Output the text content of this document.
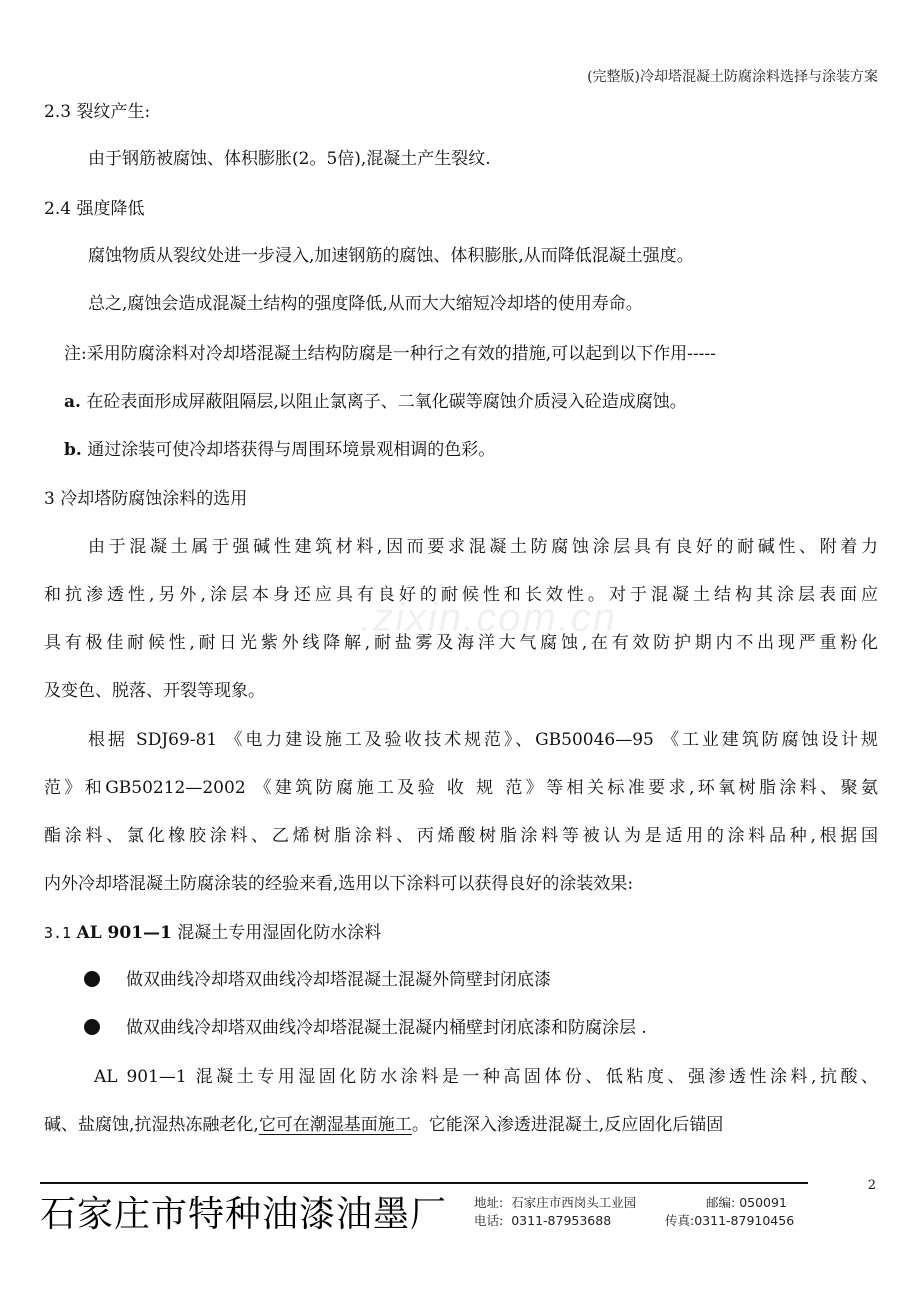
(完整版)冷却塔混凝土防腐涂料选择与涂装方案
2.3 裂纹产生:
由于钢筋被腐蚀、体积膨胀(2。5倍),混凝土产生裂纹.
2.4 强度降低
腐蚀物质从裂纹处进一步浸入,加速钢筋的腐蚀、体积膨胀,从而降低混凝土强度。
总之,腐蚀会造成混凝土结构的强度降低,从而大大缩短冷却塔的使用寿命。
注:采用防腐涂料对冷却塔混凝土结构防腐是一种行之有效的措施,可以起到以下作用-----
a. 在砼表面形成屏蔽阻隔层,以阻止氯离子、二氧化碳等腐蚀介质浸入砼造成腐蚀。
b. 通过涂装可使冷却塔获得与周围环境景观相调的色彩。
3 冷却塔防腐蚀涂料的选用
由于混凝土属于强碱性建筑材料,因而要求混凝土防腐蚀涂层具有良好的耐碱性、附着力
和抗渗透性,另外,涂层本身还应具有良好的耐候性和长效性。对于混凝土结构其涂层表面应
具有极佳耐候性,耐日光紫外线降解,耐盐雾及海洋大气腐蚀,在有效防护期内不出现严重粉化
及变色、脱落、开裂等现象。
根据 SDJ69-81 《电力建设施工及验收技术规范》、GB50046—95 《工业建筑防腐蚀设计规
范》和GB50212—2002 《建筑防腐施工及验 收 规 范》等相关标准要求,环氧树脂涂料、聚氨
酯涂料、氯化橡胶涂料、乙烯树脂涂料、丙烯酸树脂涂料等被认为是适用的涂料品种,根据国
内外冷却塔混凝土防腐涂装的经验来看,选用以下涂料可以获得良好的涂装效果:
3.1 AL 901—1 混凝土专用湿固化防水涂料
做双曲线冷却塔双曲线冷却塔混凝土混凝外筒壁封闭底漆
做双曲线冷却塔双曲线冷却塔混凝土混凝内桶壁封闭底漆和防腐涂层 .
AL 901—1 混凝土专用湿固化防水涂料是一种高固体份、低粘度、强渗透性涂料,抗酸、
碱、盐腐蚀,抗湿热冻融老化,它可在潮湿基面施工。它能深入渗透进混凝土,反应固化后锚固
.zixin.com.cn
2
石家庄市特种油漆油墨厂 地址: 石家庄市西岗头工业园	邮编: 050091
电话: 0311-87953688	传真:0311-87910456
